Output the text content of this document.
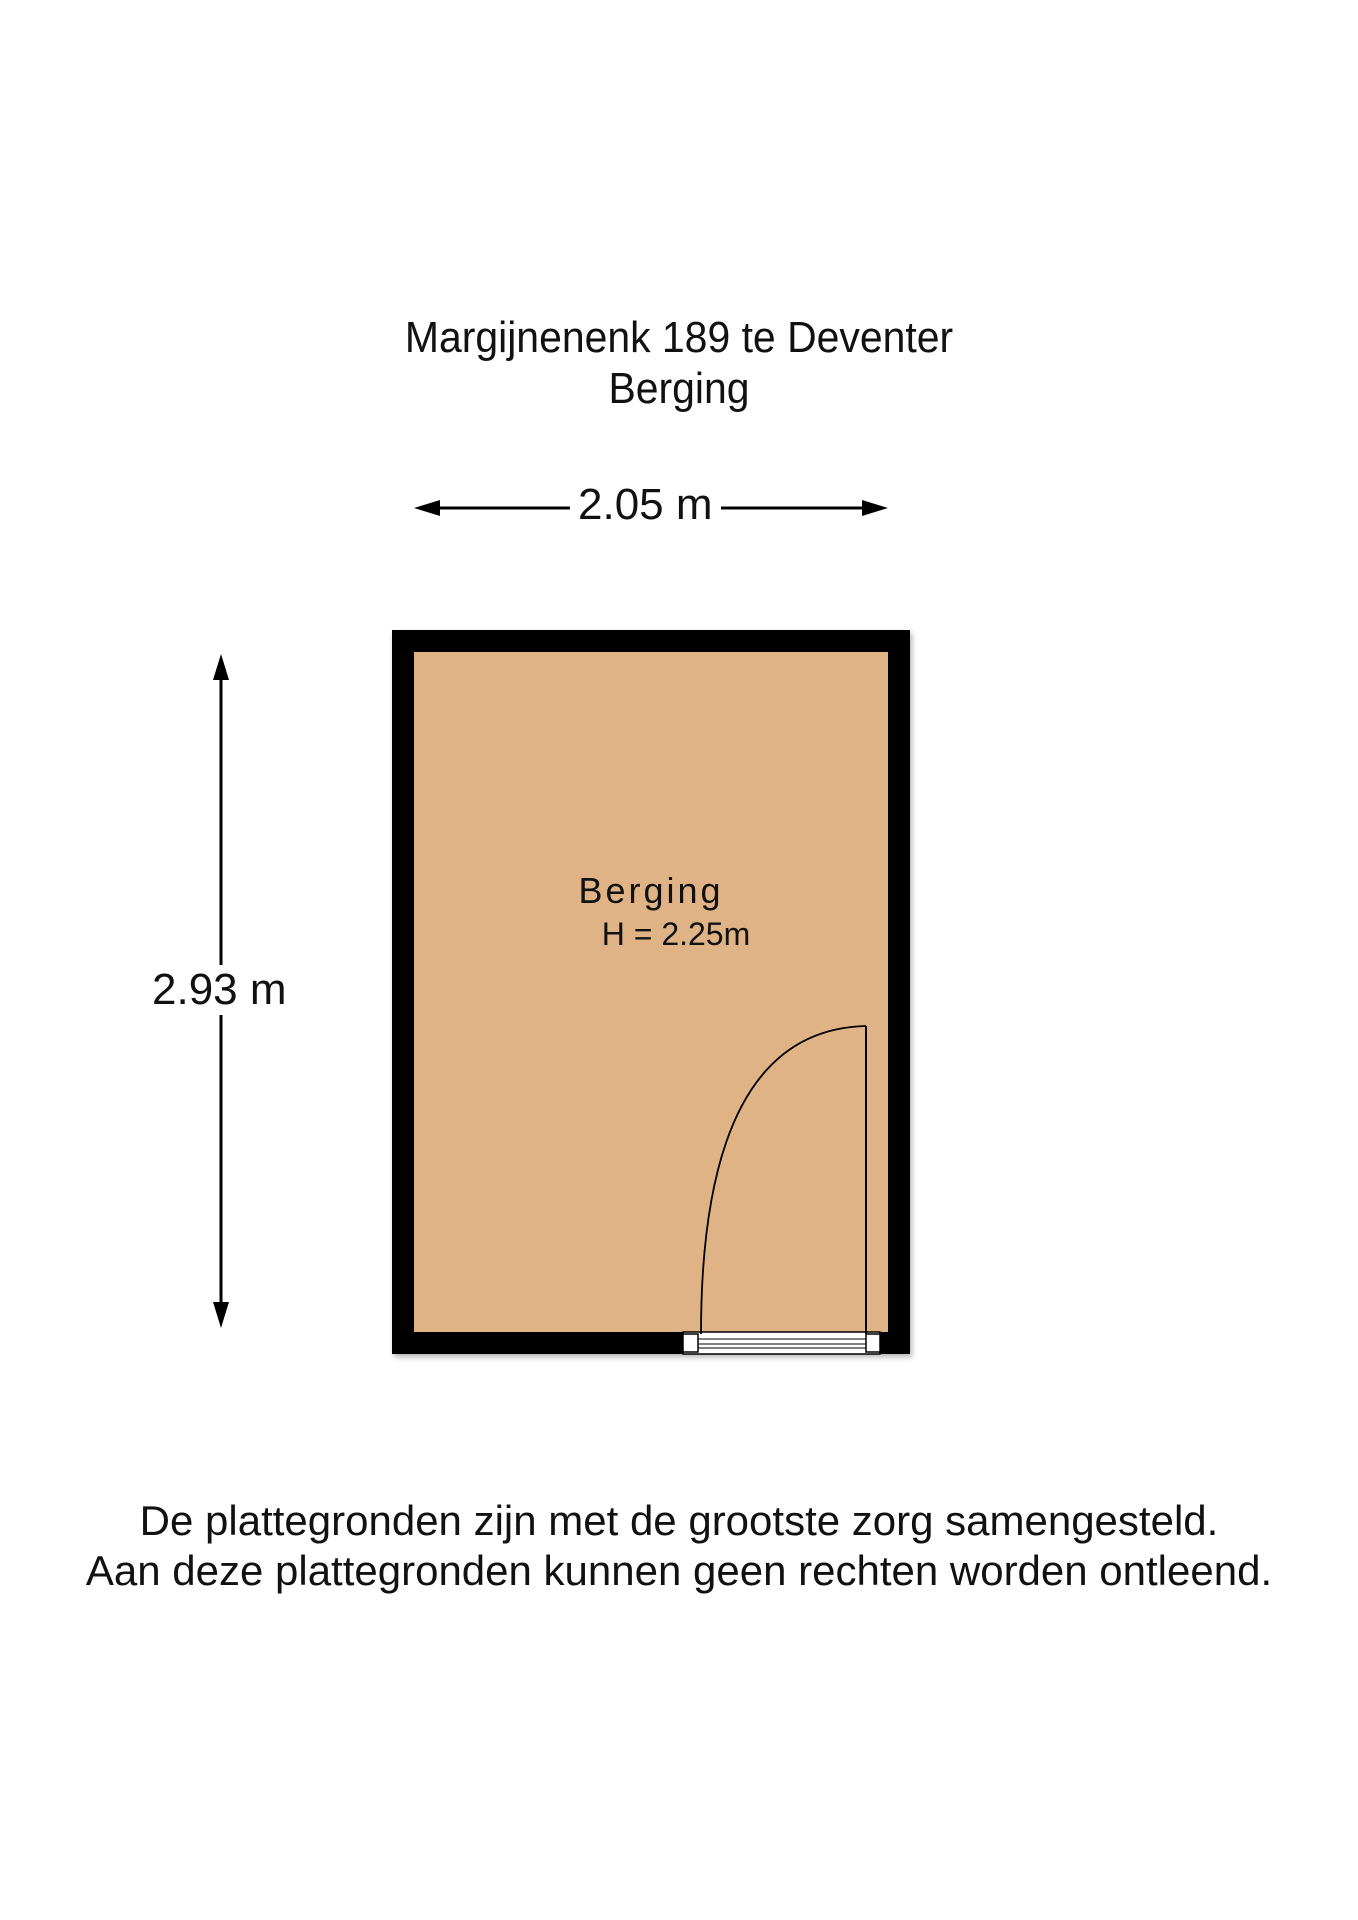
Margijnenenk 189 te Deventer
Berging
2.05 m
2.93 m
Berging
H = 2.25m
De plattegronden zijn met de grootste zorg samengesteld.
Aan deze plattegronden kunnen geen rechten worden ontleend.
